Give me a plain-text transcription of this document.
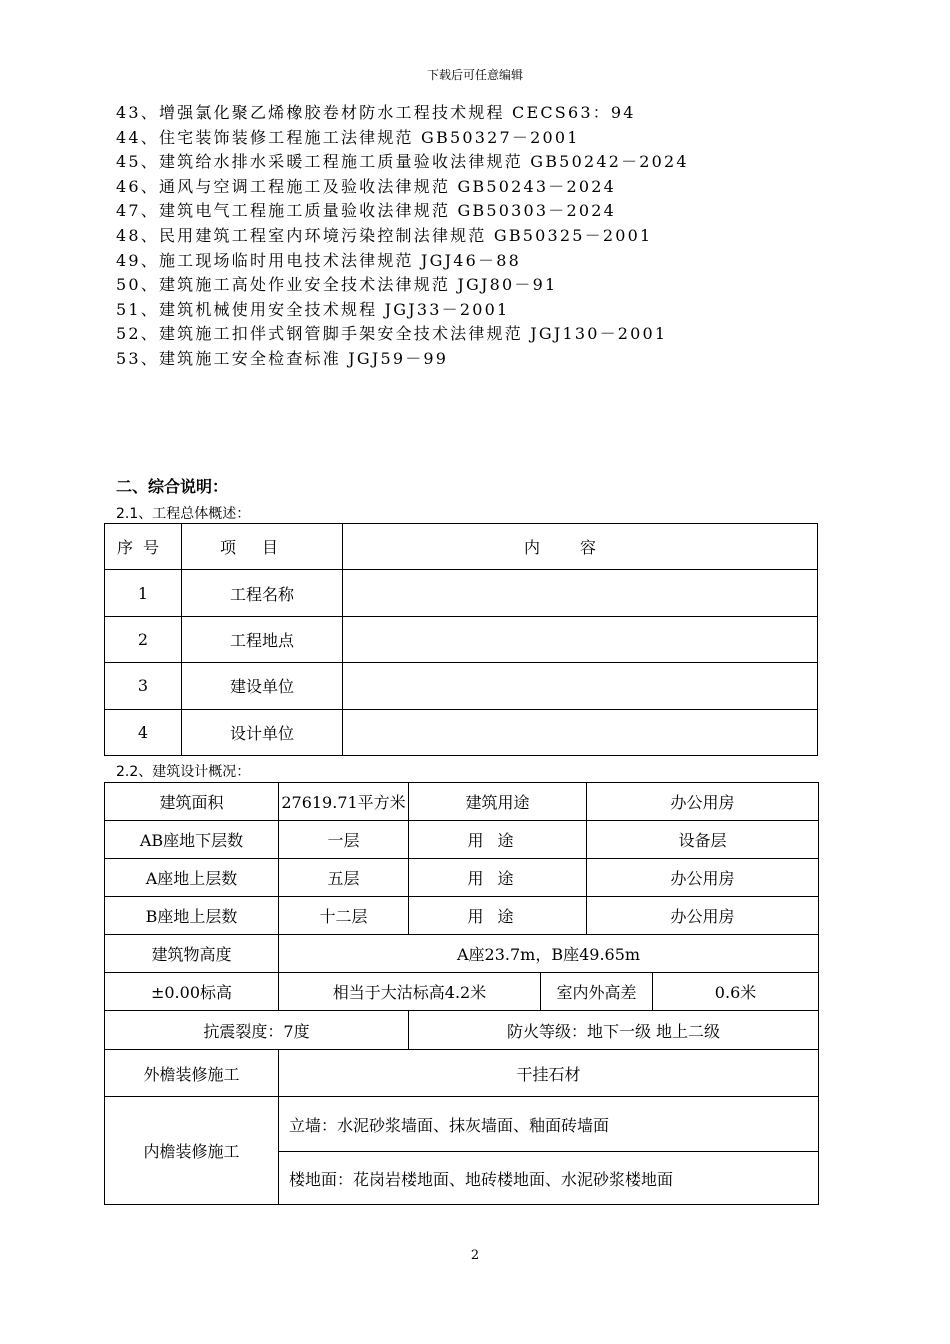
下载后可任意编辑
43、增强氯化聚乙烯橡胶卷材防水工程技术规程 CECS63：94
44、住宅装饰装修工程施工法律规范 GB50327－2001
45、建筑给水排水采暖工程施工质量验收法律规范 GB50242－2024
46、通风与空调工程施工及验收法律规范 GB50243－2024
47、建筑电气工程施工质量验收法律规范 GB50303－2024
48、民用建筑工程室内环境污染控制法律规范 GB50325－2001
49、施工现场临时用电技术法律规范 JGJ46－88
50、建筑施工高处作业安全技术法律规范 JGJ80－91
51、建筑机械使用安全技术规程 JGJ33－2001
52、建筑施工扣伴式钢管脚手架安全技术法律规范 JGJ130－2001
53、建筑施工安全检查标准 JGJ59－99
二、综合说明：
2.1、工程总体概述：
序号	项目	内容
1	工程名称	
2	工程地点	
3	建设单位	
4	设计单位	
2.2、建筑设计概况：
建筑面积	27619.71平方米	建筑用途		办公用房	
AB座地下层数	一层	用途		设备层	
A座地上层数	五层	用途		办公用房	
B座地上层数	十二层	用途		办公用房	
建筑物高度	A座23.7m，B座49.65m				
±0.00标高	相当于大沽标高4.2米		室内外高差		0.6米
抗震裂度：7度		防火等级：地下一级 地上二级			
外檐装修施工	干挂石材				
内檐装修施工	立墙：水泥砂浆墙面、抹灰墙面、釉面砖墙面				
	楼地面：花岗岩楼地面、地砖楼地面、水泥砂浆楼地面				
2
